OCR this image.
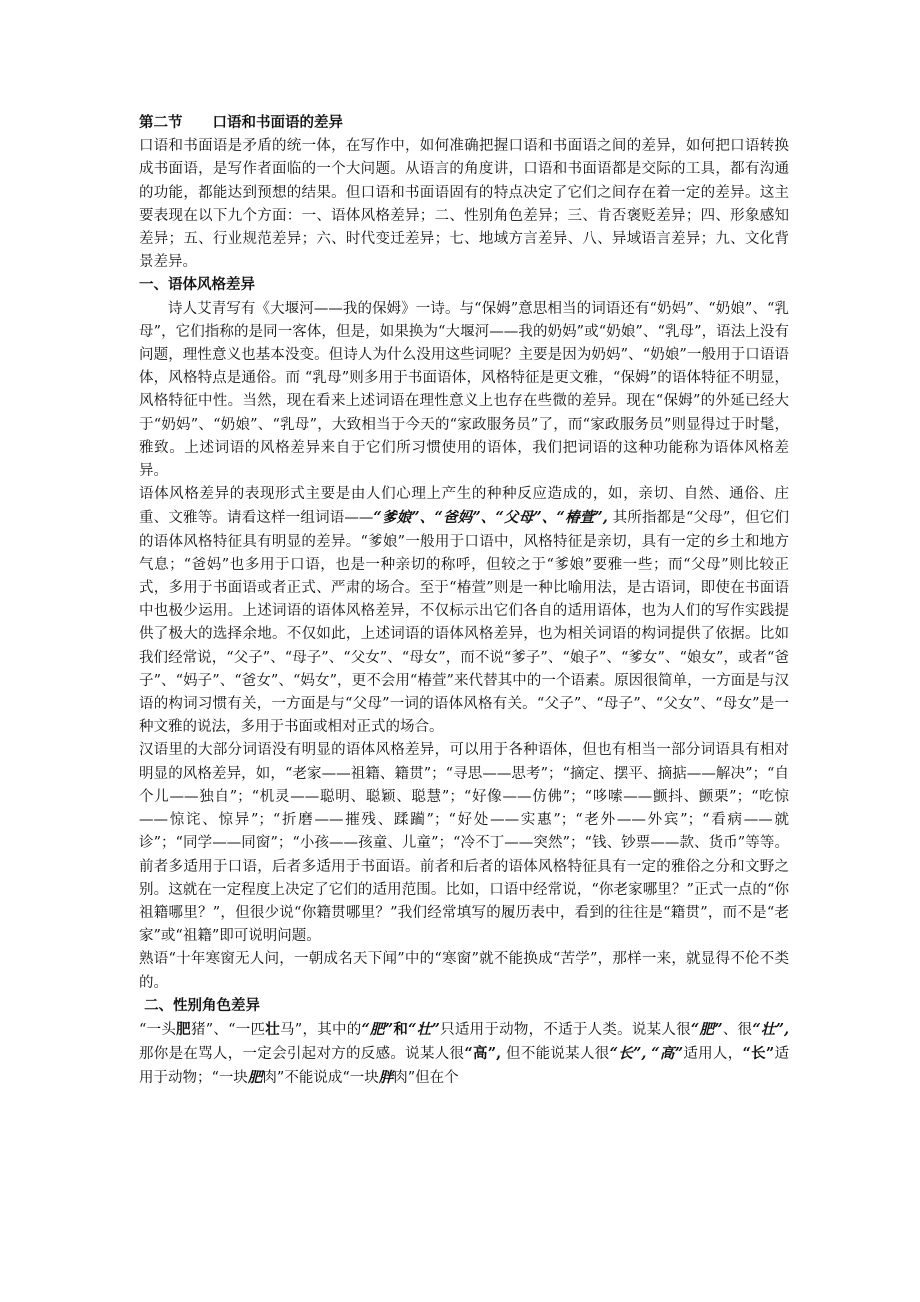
第二节 口语和书面语的差异

口语和书面语是矛盾的统一体，在写作中，如何准确把握口语和书面语之间的差异，如何把口语转换成书面语，是写作者面临的一个大问题。从语言的角度讲，口语和书面语都是交际的工具，都有沟通的功能，都能达到预想的结果。但口语和书面语固有的特点决定了它们之间存在着一定的差异。这主要表现在以下九个方面：一、语体风格差异；二、性别角色差异；三、肯否褒贬差异；四、形象感知差异；五、行业规范差异；六、时代变迁差异；七、地域方言差异、八、异域语言差异；九、文化背景差异。

一、语体风格差异

诗人艾青写有《大堰河——我的保姆》一诗。与“保姆”意思相当的词语还有“奶妈”、“奶娘”、“乳母”，它们指称的是同一客体，但是，如果换为“大堰河——我的奶妈”或“奶娘”、“乳母”，语法上没有问题，理性意义也基本没变。但诗人为什么没用这些词呢？主要是因为奶妈”、“奶娘”一般用于口语语体，风格特点是通俗。而 “乳母”则多用于书面语体，风格特征是更文雅，“保姆”的语体特征不明显，风格特征中性。当然，现在看来上述词语在理性意义上也存在些微的差异。现在“保姆”的外延已经大于“奶妈”、“奶娘”、“乳母”，大致相当于今天的“家政服务员”了，而“家政服务员”则显得过于时髦，雅致。上述词语的风格差异来自于它们所习惯使用的语体，我们把词语的这种功能称为语体风格差异。

语体风格差异的表现形式主要是由人们心理上产生的种种反应造成的，如，亲切、自然、通俗、庄重、文雅等。请看这样一组词语——“爹娘”、“爸妈”、“父母”、“椿萱”, 其所指都是“父母”，但它们的语体风格特征具有明显的差异。“爹娘”一般用于口语中，风格特征是亲切，具有一定的乡土和地方气息；“爸妈”也多用于口语，也是一种亲切的称呼，但较之于“爹娘”要雅一些；而“父母”则比较正式，多用于书面语或者正式、严肃的场合。至于“椿萱”则是一种比喻用法，是古语词，即使在书面语中也极少运用。上述词语的语体风格差异，不仅标示出它们各自的适用语体，也为人们的写作实践提供了极大的选择余地。不仅如此，上述词语的语体风格差异，也为相关词语的构词提供了依据。比如我们经常说，“父子”、“母子”、“父女”、“母女”，而不说“爹子”、“娘子”、“爹女”、“娘女”，或者“爸子”、“妈子”、“爸女”、“妈女”，更不会用“椿萱”来代替其中的一个语素。原因很简单，一方面是与汉语的构词习惯有关，一方面是与“父母”一词的语体风格有关。“父子”、“母子”、“父女”、“母女”是一种文雅的说法，多用于书面或相对正式的场合。

汉语里的大部分词语没有明显的语体风格差异，可以用于各种语体，但也有相当一部分词语具有相对明显的风格差异，如，“老家——祖籍、籍贯”；“寻思——思考”；“摘定、摆平、摘掂——解决”；“自个儿——独自”；“机灵——聪明、聪颖、聪慧”；“好像——仿佛”；“哆嗦——颤抖、颤栗”；“吃惊——惊诧、惊异”；“折磨——摧残、蹂躏”；“好处——实惠”；“老外——外宾”；“看病——就诊”；“同学——同窗”；“小孩——孩童、儿童”；“冷不丁——突然”；“钱、钞票——款、货币”等等。前者多适用于口语，后者多适用于书面语。前者和后者的语体风格特征具有一定的雅俗之分和文野之别。这就在一定程度上决定了它们的适用范围。比如，口语中经常说，“你老家哪里？”正式一点的“你祖籍哪里？”，但很少说“你籍贯哪里？”我们经常填写的履历表中，看到的往往是“籍贯”，而不是“老家”或“祖籍”即可说明问题。

熟语“十年寒窗无人问，一朝成名天下闻”中的“寒窗”就不能换成“苦学”，那样一来，就显得不伦不类的。

二、性别角色差异

“一头肥猪”、“一匹壮马”，其中的“肥”和“壮”只适用于动物，不适于人类。说某人很“肥”、很“壮”, 那你是在骂人，一定会引起对方的反感。说某人很“高”, 但不能说某人很“长”, “高”适用人，“长”适用于动物；“一块肥肉”不能说成“一块胖肉”但在个
